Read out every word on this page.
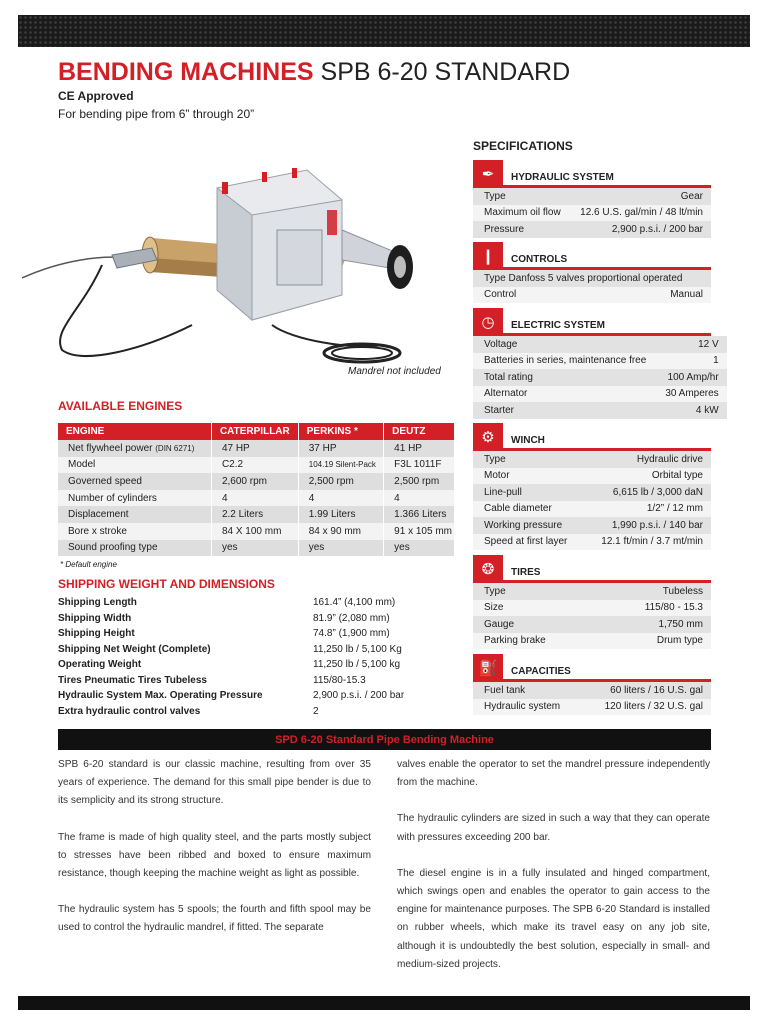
BENDING MACHINES SPB 6-20 STANDARD
CE Approved
For bending pipe from 6” through 20”
Mandrel not included
AVAILABLE ENGINES
ENGINE	CATERPILLAR	PERKINS *	DEUTZ
Net flywheel power (DIN 6271)	47 HP	37 HP	41 HP
Model	C2.2	104.19 Silent-Pack	F3L 1011F
Governed speed	2,600 rpm	2,500 rpm	2,500 rpm
Number of cylinders	4	4	4
Displacement	2.2 Liters	1.99 Liters	1.366 Liters
Bore x stroke	84 X 100 mm	84 x 90 mm	91 x 105 mm
Sound proofing type	yes	yes	yes
* Default engine
SHIPPING WEIGHT AND DIMENSIONS
Shipping Length	161.4” (4,100 mm)
Shipping Width	81.9” (2,080 mm)
Shipping Height	74.8” (1,900 mm)
Shipping Net Weight (Complete)	11,250 lb / 5,100 Kg
Operating Weight	11,250 lb / 5,100 kg
Tires Pneumatic Tires Tubeless	115/80-15.3
Hydraulic System Max. Operating Pressure	2,900 p.s.i. / 200 bar
Extra hydraulic control valves	2
SPECIFICATIONS
✒	HYDRAULIC SYSTEM
Type	Gear
Maximum oil flow	12.6 U.S. gal/min / 48 lt/min
Pressure	2,900 p.s.i. / 200 bar
❙	CONTROLS
Type Danfoss 5 valves proportional operated
Control	Manual
◷	ELECTRIC SYSTEM
Voltage	12 V
Batteries in series, maintenance free	1
Total rating	100 Amp/hr
Alternator	30 Amperes
Starter	4 kW
⚙	WINCH
Type	Hydraulic drive
Motor	Orbital type
Line-pull	6,615 lb / 3,000 daN
Cable diameter	1/2” / 12 mm
Working pressure	1,990 p.s.i. / 140 bar
Speed at first layer	12.1 ft/min / 3.7 mt/min
❂	TIRES
Type	Tubeless
Size	115/80 - 15.3
Gauge	1,750 mm
Parking brake	Drum type
⛽	CAPACITIES
Fuel tank	60 liters / 16 U.S. gal
Hydraulic system	120 liters / 32 U.S. gal
SPD 6-20 Standard Pipe Bending Machine

SPB 6-20 standard is our classic machine, resulting from over 35 years of experience. The demand for this small pipe bender is due to its semplicity and its strong structure.

The frame is made of high quality steel, and the parts mostly subject to stresses have been ribbed and boxed to ensure maximum resistance, though keeping the machine weight as light as possible.

The hydraulic system has 5 spools; the fourth and fifth spool may be used to control the hydraulic mandrel, if fitted. The separate

valves enable the operator to set the mandrel pressure independently from the machine.

The hydraulic cylinders are sized in such a way that they can operate with pressures exceeding 200 bar.

The diesel engine is in a fully insulated and hinged compartment, which swings open and enables the operator to gain access to the engine for maintenance purposes. The SPB 6-20 Standard is installed on rubber wheels, which make its travel easy on any job site, although it is undoubtedly the best solution, especially in small- and medium-sized projects.
